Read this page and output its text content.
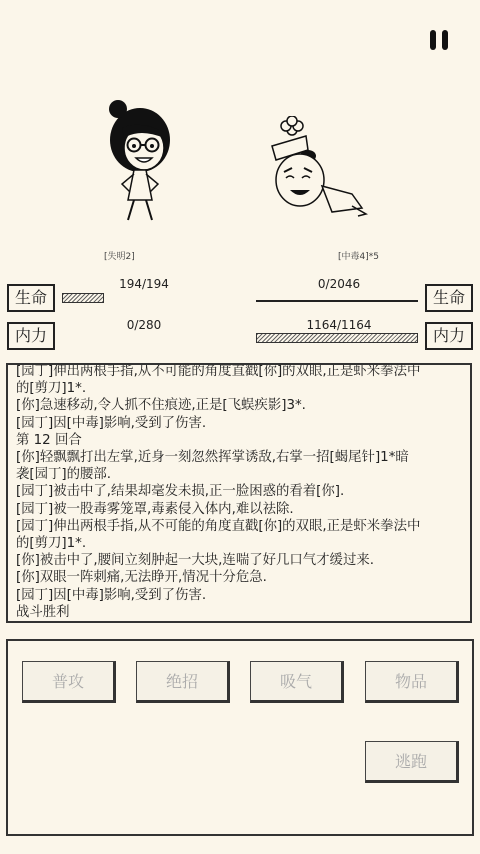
[失明2]	[中毒4]*5
生命
194/194
内力
0/280
0/2046
生命
1164/1164
内力
[园丁]伸出两根手指,从不可能的角度直戳[你]的双眼,正是虾米拳法中
的[剪刀]1*.
[你]急速移动,令人抓不住痕迹,正是[飞蜈疾影]3*.
[园丁]因[中毒]影响,受到了伤害.
第 12 回合
[你]轻飘飘打出左掌,近身一刻忽然挥掌诱敌,右掌一招[蝎尾针]1*暗
袭[园丁]的腰部.
[园丁]被击中了,结果却毫发未损,正一脸困惑的看着[你].
[园丁]被一股毒雾笼罩,毒素侵入体内,难以祛除.
[园丁]伸出两根手指,从不可能的角度直戳[你]的双眼,正是虾米拳法中
的[剪刀]1*.
[你]被击中了,腰间立刻肿起一大块,连喘了好几口气才缓过来.
[你]双眼一阵刺痛,无法睁开,情况十分危急.
[园丁]因[中毒]影响,受到了伤害.
战斗胜利
普攻	绝招	吸气	物品
逃跑
